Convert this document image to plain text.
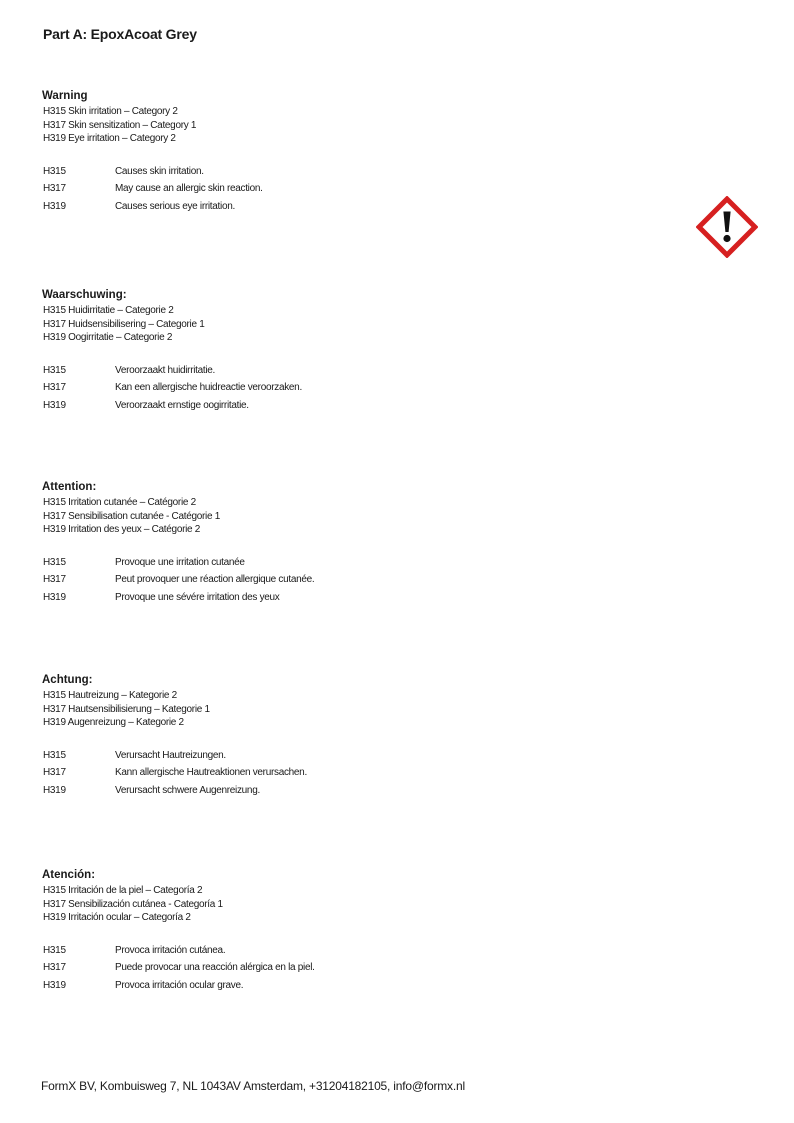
Part A: EpoxAcoat Grey
Warning
H315 Skin irritation – Category 2
H317 Skin sensitization – Category 1
H319 Eye irritation – Category 2
H315	Causes skin irritation.
H317	May cause an allergic skin reaction.
H319	Causes serious eye irritation.
Waarschuwing:
H315 Huidirritatie – Categorie 2
H317 Huidsensibilisering – Categorie 1
H319 Oogirritatie – Categorie 2
H315	Veroorzaakt huidirritatie.
H317	Kan een allergische huidreactie veroorzaken.
H319	Veroorzaakt ernstige oogirritatie.
Attention:
H315 Irritation cutanée – Catégorie 2
H317 Sensibilisation cutanée - Catégorie 1
H319 Irritation des yeux – Catégorie 2
H315	Provoque une irritation cutanée
H317	Peut provoquer une réaction allergique cutanée.
H319	Provoque une sévére irritation des yeux
Achtung:
H315 Hautreizung – Kategorie 2
H317 Hautsensibilisierung – Kategorie 1
H319 Augenreizung – Kategorie 2
H315	Verursacht Hautreizungen.
H317	Kann allergische Hautreaktionen verursachen.
H319	Verursacht schwere Augenreizung.
Atención:
H315 Irritación de la piel – Categoría 2
H317 Sensibilización cutánea - Categoría 1
H319 Irritación ocular – Categoría 2
H315	Provoca irritación cutánea.
H317	Puede provocar una reacción alérgica en la piel.
H319	Provoca irritación ocular grave.
FormX BV, Kombuisweg 7, NL 1043AV Amsterdam, +31204182105, info@formx.nl
